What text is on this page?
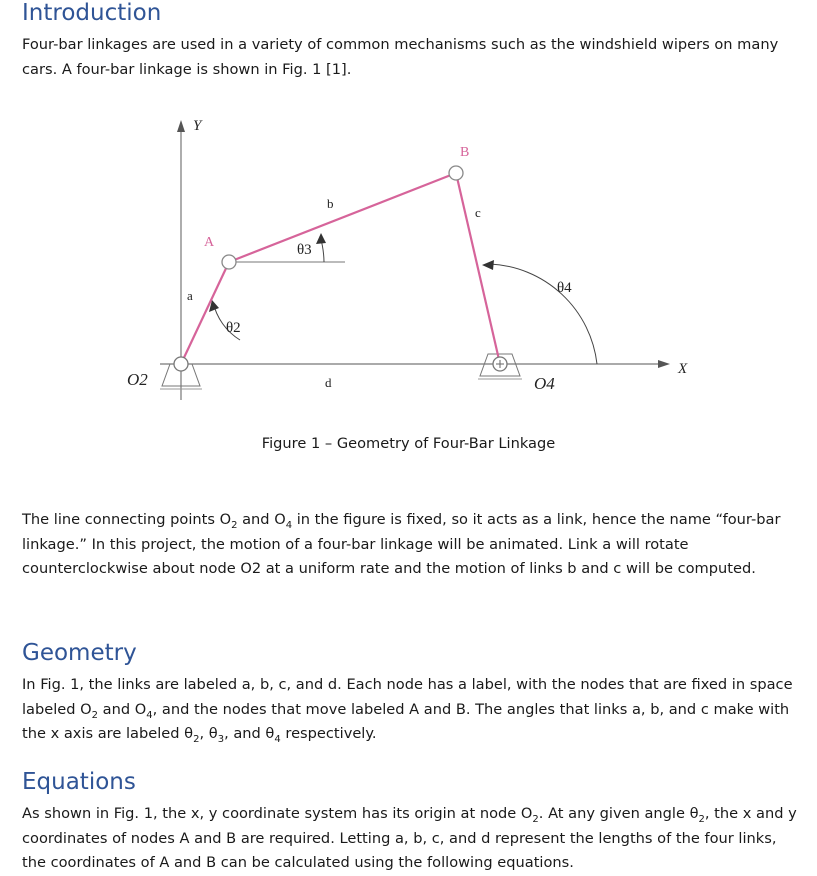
Introduction

Four-bar linkages are used in a variety of common mechanisms such as the windshield wipers on many cars. A four-bar linkage is shown in Fig. 1 [1].

Y
X
A
B
a
b
c
d
θ2
θ3
θ4
O2	O4

Figure 1 – Geometry of Four-Bar Linkage

The line connecting points $O_2$ and $O_4$ in the figure is fixed, so it acts as a link, hence the name “four-bar linkage.” In this project, the motion of a four-bar linkage will be animated. Link a will rotate counterclockwise about node O2 at a uniform rate and the motion of links b and c will be computed.

Geometry

In Fig. 1, the links are labeled a, b, c, and d. Each node has a label, with the nodes that are fixed in space labeled $O_2$ and $O_4$, and the nodes that move labeled A and B. The angles that links a, b, and c make with the x axis are labeled $\theta_2$, $\theta_3$, and $\theta_4$ respectively.

Equations

As shown in Fig. 1, the x, y coordinate system has its origin at node $O_2$. At any given angle $\theta_2$, the x and y coordinates of nodes A and B are required. Letting a, b, c, and d represent the lengths of the four links, the coordinates of A and B can be calculated using the following equations.
